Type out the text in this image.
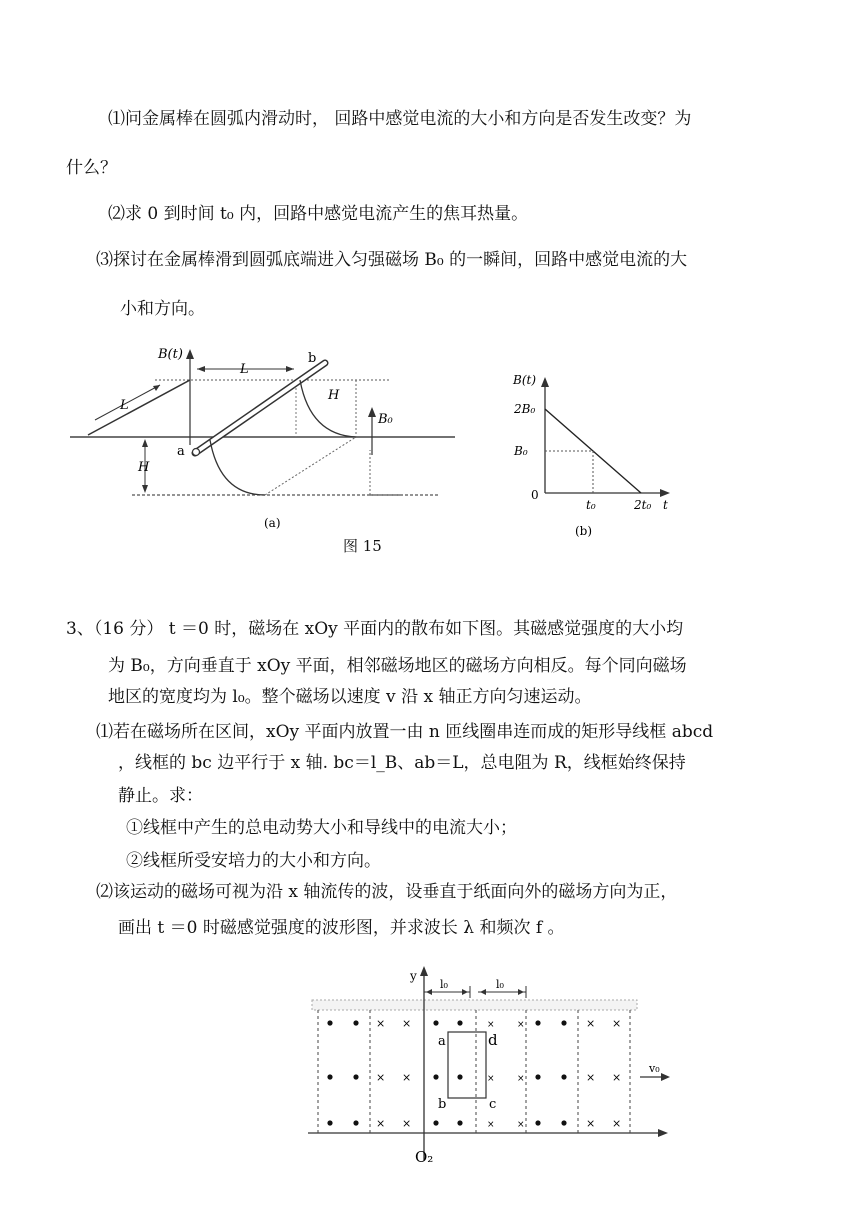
⑴问金属棒在圆弧内滑动时， 回路中感觉电流的大小和方向是否发生改变？为
什么？
⑵求 0 到时间 t₀ 内，回路中感觉电流产生的焦耳热量。
⑶探讨在金属棒滑到圆弧底端进入匀强磁场 B₀ 的一瞬间，回路中感觉电流的大
小和方向。
B(t)
L
L
b
a
H
H
B₀
(a)
2B₀
B₀
0
t₀	2t₀
B(t)
t
(b)
图 15
3、（16 分） t ＝0 时，磁场在 xOy 平面内的散布如下图。其磁感觉强度的大小均
为 B₀，方向垂直于 xOy 平面，相邻磁场地区的磁场方向相反。每个同向磁场
地区的宽度均为 l₀。整个磁场以速度 v 沿 x 轴正方向匀速运动。
⑴若在磁场所在区间，xOy 平面内放置一由 n 匝线圈串连而成的矩形导线框 abcd
，线框的 bc 边平行于 x 轴. bc＝l_B、ab＝L，总电阻为 R，线框始终保持
静止。求：
①线框中产生的总电动势大小和导线中的电流大小；
②线框所受安培力的大小和方向。
⑵该运动的磁场可视为沿 x 轴流传的波，设垂直于纸面向外的磁场方向为正，
画出 t ＝0 时磁感觉强度的波形图，并求波长 λ 和频次 f 。
× ×	× ×
× ×
× ×	× ×
× ×
× ×	× ×
× ×
y
l₀	l₀
a	d
b	c
v₀
O₂
